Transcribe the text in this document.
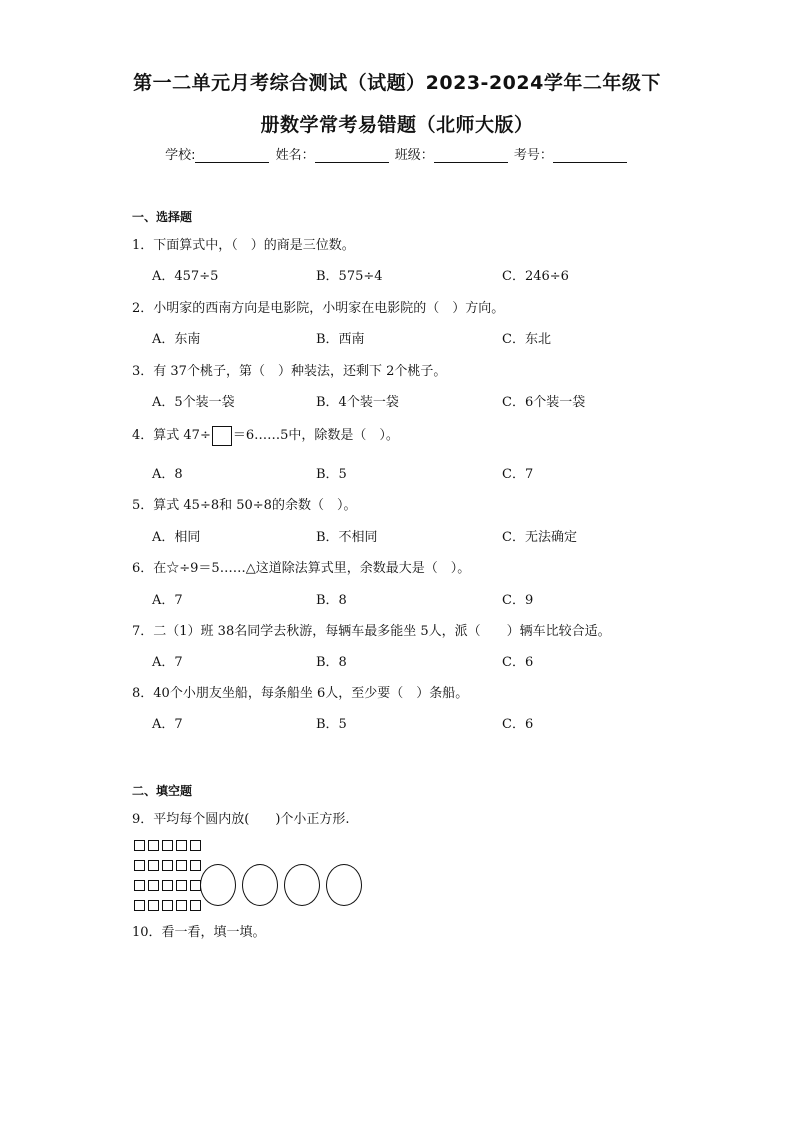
第一二单元月考综合测试（试题）2023-2024学年二年级下
册数学常考易错题（北师大版）
学校:	姓名：	班级：	考号：
一、选择题
1．下面算式中，（　）的商是三位数。
A．457÷5	B．575÷4	C．246÷6
2．小明家的西南方向是电影院，小明家在电影院的（　）方向。
A．东南	B．西南	C．东北
3．有 37个桃子，第（　）种装法，还剩下 2个桃子。
A．5个装一袋	B．4个装一袋	C．6个装一袋
4．算式 47÷ ＝6……5中，除数是（　）。
A．8	B．5	C．7
5．算式 45÷8和 50÷8的余数（　）。
A．相同	B．不相同	C．无法确定
6．在☆÷9＝5……△这道除法算式里，余数最大是（　）。
A．7	B．8	C．9
7．二（1）班 38名同学去秋游，每辆车最多能坐 5人，派（　　）辆车比较合适。
A．7	B．8	C．6
8．40个小朋友坐船，每条船坐 6人，至少要（　）条船。
A．7	B．5	C．6
二、填空题
9．平均每个圆内放(　　)个小正方形.
10．看一看，填一填。
